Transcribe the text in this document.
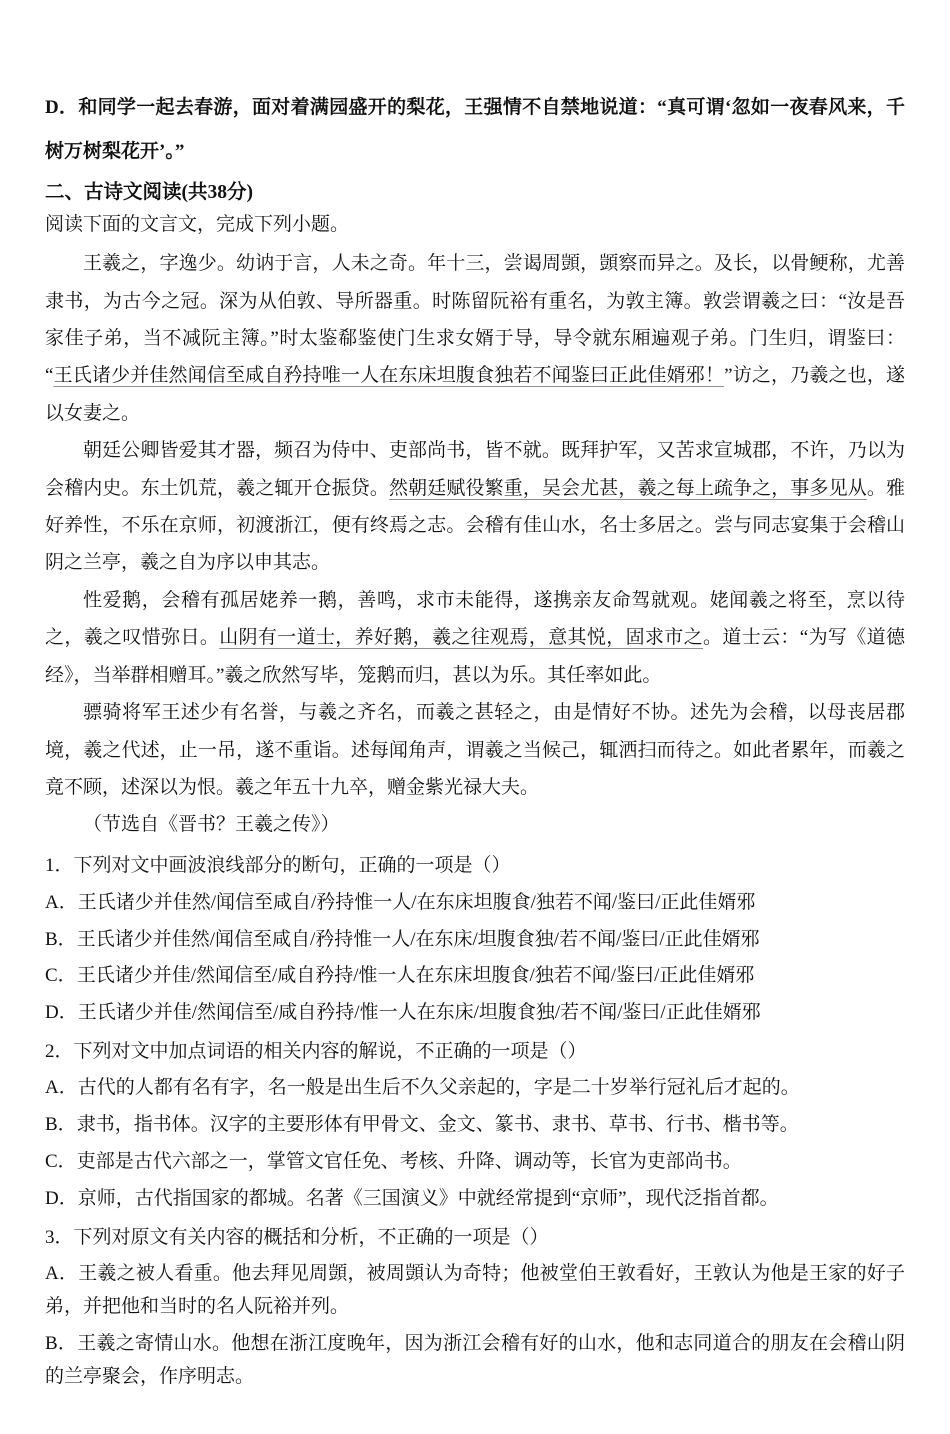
D．和同学一起去春游，面对着满园盛开的梨花，王强情不自禁地说道：“真可谓‘忽如一夜春风来，千树万树梨花开’。”

二、古诗文阅读(共38分)

阅读下面的文言文，完成下列小题。

王羲之，字逸少。幼讷于言，人未之奇。年十三，尝谒周顗，顗察而异之。及长，以骨鲠称，尤善隶书，为古今之冠。深为从伯敦、导所器重。时陈留阮裕有重名，为敦主簿。敦尝谓羲之曰：“汝是吾家佳子弟，当不减阮主簿。”时太鉴郗鉴使门生求女婿于导，导令就东厢遍观子弟。门生归，谓鉴曰：“王氏诸少并佳然闻信至咸自矜持唯一人在东床坦腹食独若不闻鉴曰正此佳婿邪！”访之，乃羲之也，遂以女妻之。

朝廷公卿皆爱其才器，频召为侍中、吏部尚书，皆不就。既拜护军，又苦求宣城郡，不许，乃以为会稽内史。东土饥荒，羲之辄开仓振贷。然朝廷赋役繁重，吴会尤甚，羲之每上疏争之，事多见从。雅好养性，不乐在京师，初渡浙江，便有终焉之志。会稽有佳山水，名士多居之。尝与同志宴集于会稽山阴之兰亭，羲之自为序以申其志。

性爱鹅，会稽有孤居姥养一鹅，善鸣，求市未能得，遂携亲友命驾就观。姥闻羲之将至，烹以待之，羲之叹惜弥日。山阴有一道士，养好鹅，羲之往观焉，意其悦，固求市之。道士云：“为写《道德经》，当举群相赠耳。”羲之欣然写毕，笼鹅而归，甚以为乐。其任率如此。

骠骑将军王述少有名誉，与羲之齐名，而羲之甚轻之，由是情好不协。述先为会稽，以母丧居郡境，羲之代述，止一吊，遂不重诣。述每闻角声，谓羲之当候己，辄洒扫而待之。如此者累年，而羲之竟不顾，述深以为恨。羲之年五十九卒，赠金紫光禄大夫。

（节选自《晋书？王羲之传》）

1．下列对文中画波浪线部分的断句，正确的一项是（）

A．王氏诸少并佳然/闻信至咸自/矜持惟一人/在东床坦腹食/独若不闻/鉴曰/正此佳婿邪

B．王氏诸少并佳然/闻信至咸自/矜持惟一人/在东床/坦腹食独/若不闻/鉴曰/正此佳婿邪

C．王氏诸少并佳/然闻信至/咸自矜持/惟一人在东床坦腹食/独若不闻/鉴曰/正此佳婿邪

D．王氏诸少并佳/然闻信至/咸自矜持/惟一人在东床/坦腹食独/若不闻/鉴曰/正此佳婿邪

2．下列对文中加点词语的相关内容的解说，不正确的一项是（）

A．古代的人都有名有字，名一般是出生后不久父亲起的，字是二十岁举行冠礼后才起的。

B．隶书，指书体。汉字的主要形体有甲骨文、金文、篆书、隶书、草书、行书、楷书等。

C．吏部是古代六部之一，掌管文官任免、考核、升降、调动等，长官为吏部尚书。

D．京师，古代指国家的都城。名著《三国演义》中就经常提到“京师”，现代泛指首都。

3．下列对原文有关内容的概括和分析，不正确的一项是（）

A．王羲之被人看重。他去拜见周顗，被周顗认为奇特；他被堂伯王敦看好，王敦认为他是王家的好子弟，并把他和当时的名人阮裕并列。

B．王羲之寄情山水。他想在浙江度晚年，因为浙江会稽有好的山水，他和志同道合的朋友在会稽山阴的兰亭聚会，作序明志。
